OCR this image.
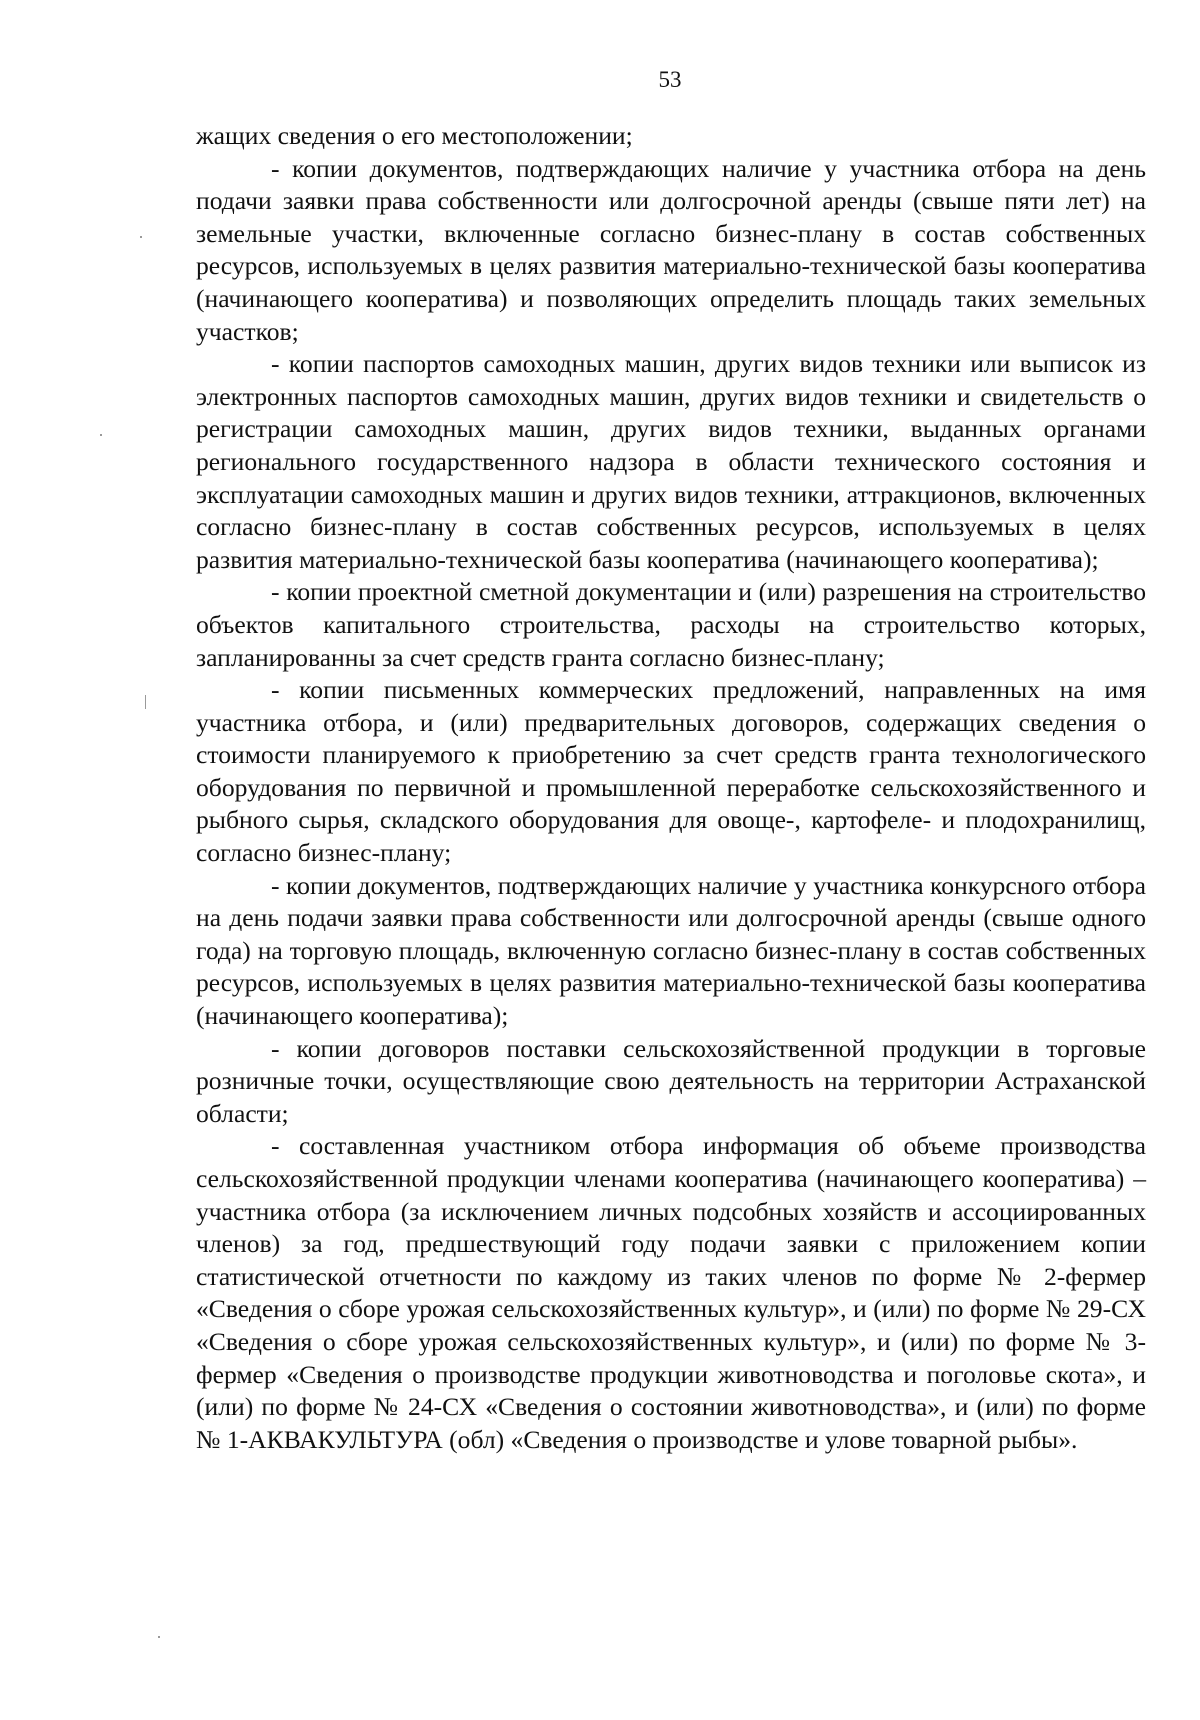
53

жащих сведения о его местоположении;

- копии документов, подтверждающих наличие у участника отбора на день подачи заявки права собственности или долгосрочной аренды (свыше пяти лет) на земельные участки, включенные согласно бизнес-плану в состав собственных ресурсов, используемых в целях развития материально-технической базы кооператива (начинающего кооператива) и позволяющих определить площадь таких земельных участков;

- копии паспортов самоходных машин, других видов техники или выписок из электронных паспортов самоходных машин, других видов техники и свидетельств о регистрации самоходных машин, других видов техники, выданных органами регионального государственного надзора в области технического состояния и эксплуатации самоходных машин и других видов техники, аттракционов, включенных согласно бизнес-плану в состав собственных ресурсов, используемых в целях развития материально-технической базы кооператива (начинающего кооператива);

- копии проектной сметной документации и (или) разрешения на строительство объектов капитального строительства, расходы на строительство которых, запланированны за счет средств гранта согласно бизнес-плану;

- копии письменных коммерческих предложений, направленных на имя участника отбора, и (или) предварительных договоров, содержащих сведения о стоимости планируемого к приобретению за счет средств гранта технологического оборудования по первичной и промышленной переработке сельскохозяйственного и рыбного сырья, складского оборудования для овоще-, картофеле- и плодохранилищ, согласно бизнес-плану;

- копии документов, подтверждающих наличие у участника конкурсного отбора на день подачи заявки права собственности или долгосрочной аренды (свыше одного года) на торговую площадь, включенную согласно бизнес-плану в состав собственных ресурсов, используемых в целях развития материально-технической базы кооператива (начинающего кооператива);

- копии договоров поставки сельскохозяйственной продукции в торговые розничные точки, осуществляющие свою деятельность на территории Астраханской области;

- составленная участником отбора информация об объеме производства сельскохозяйственной продукции членами кооператива (начинающего кооператива) – участника отбора (за исключением личных подсобных хозяйств и ассоциированных членов) за год, предшествующий году подачи заявки с приложением копии статистической отчетности по каждому из таких членов по форме № 2-фермер «Сведения о сборе урожая сельскохозяйственных культур», и (или) по форме № 29-СХ «Сведения о сборе урожая сельскохозяйственных культур», и (или) по форме № 3-фермер «Сведения о производстве продукции животноводства и поголовье скота», и (или) по форме № 24-СХ «Сведения о состоянии животноводства», и (или) по форме № 1-АКВАКУЛЬТУРА (обл) «Сведения о производстве и улове товарной рыбы».
